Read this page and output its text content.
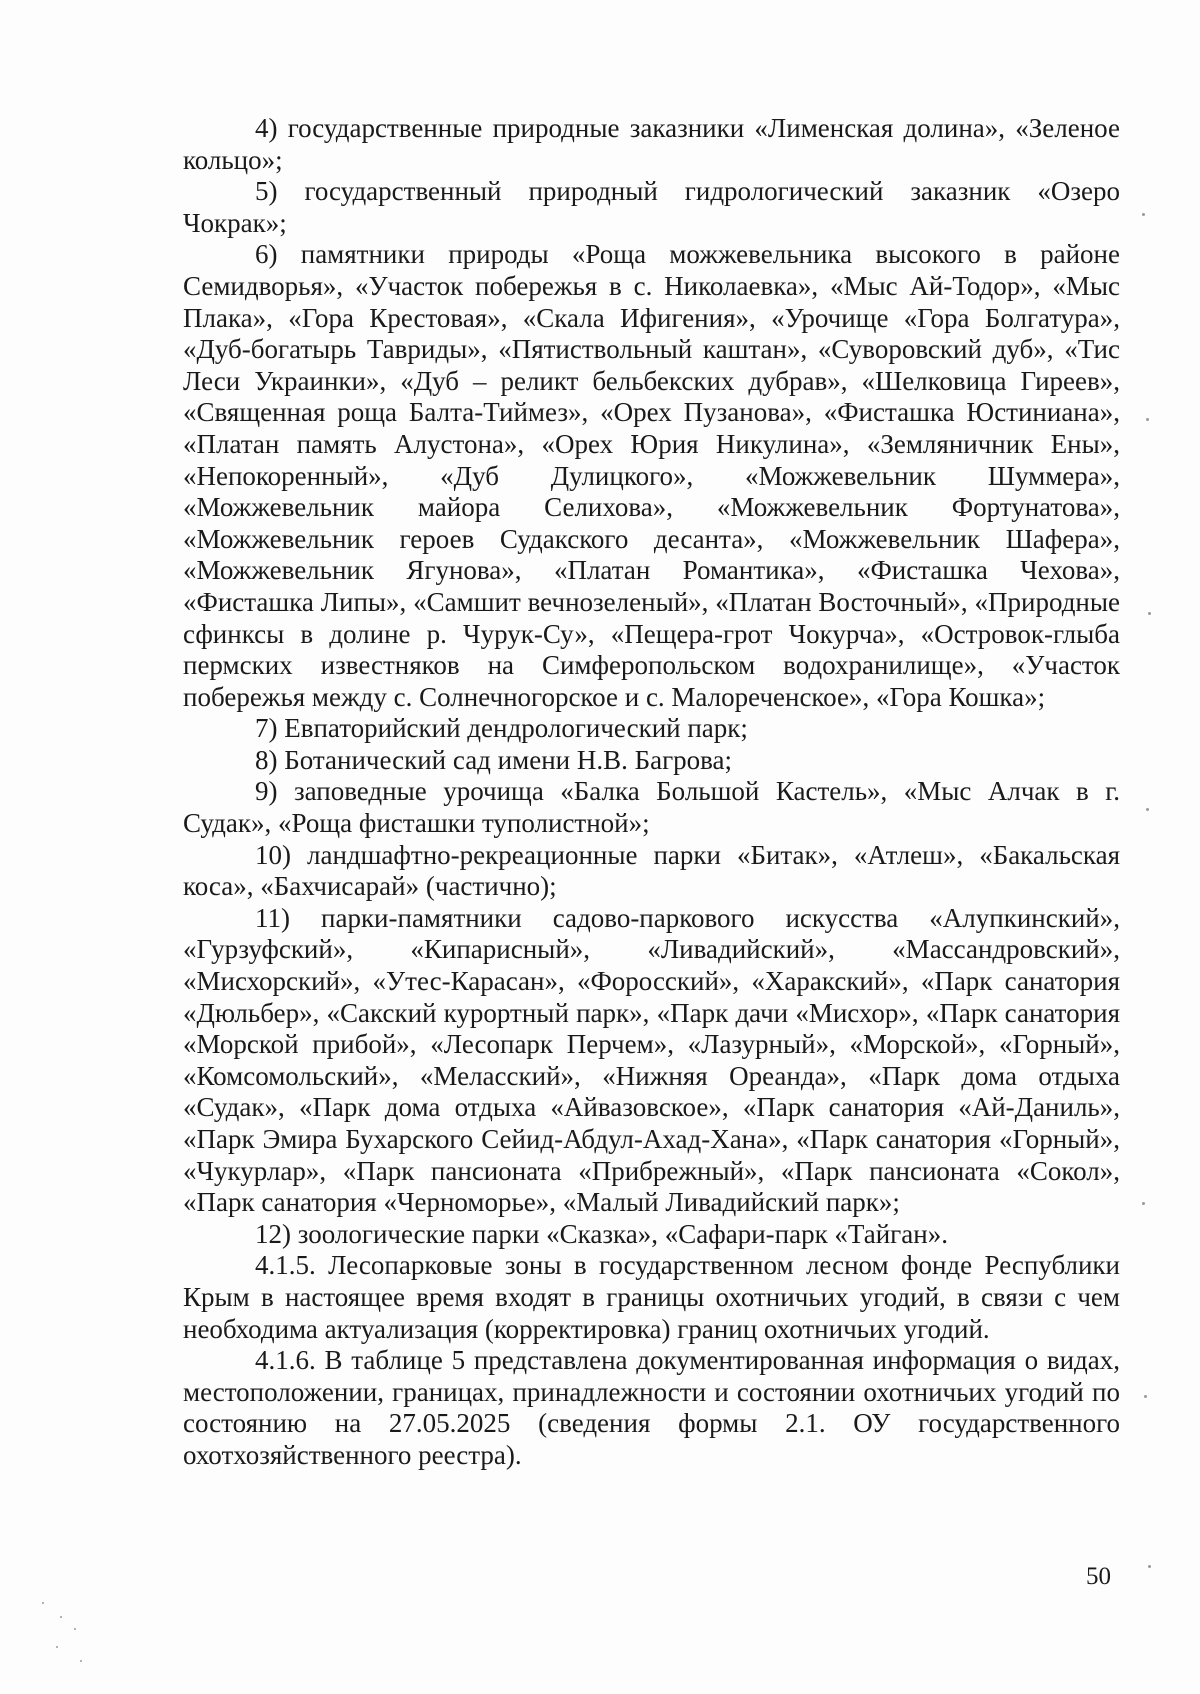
4) государственные природные заказники «Лименская долина», «Зеленое кольцо»;

5) государственный природный гидрологический заказник «Озеро Чокрак»;

6) памятники природы «Роща можжевельника высокого в районе Семидворья», «Участок побережья в с. Николаевка», «Мыс Ай-Тодор», «Мыс Плака», «Гора Крестовая», «Скала Ифигения», «Урочище «Гора Болгатура», «Дуб-богатырь Тавриды», «Пятиствольный каштан», «Суворовский дуб», «Тис Леси Украинки», «Дуб – реликт бельбекских дубрав», «Шелковица Гиреев», «Священная роща Балта-Тиймез», «Орех Пузанова», «Фисташка Юстиниана», «Платан память Алустона», «Орех Юрия Никулина», «Земляничник Ены», «Непокоренный», «Дуб Дулицкого», «Можжевельник Шуммера», «Можжевельник майора Селихова», «Можжевельник Фортунатова», «Можжевельник героев Судакского десанта», «Можжевельник Шафера», «Можжевельник Ягунова», «Платан Романтика», «Фисташка Чехова», «Фисташка Липы», «Самшит вечнозеленый», «Платан Восточный», «Природные сфинксы в долине р. Чурук-Су», «Пещера-грот Чокурча», «Островок-глыба пермских известняков на Симферопольском водохранилище», «Участок побережья между с. Солнечногорское и с. Малореченское», «Гора Кошка»;

7) Евпаторийский дендрологический парк;

8) Ботанический сад имени Н.В. Багрова;

9) заповедные урочища «Балка Большой Кастель», «Мыс Алчак в г. Судак», «Роща фисташки туполистной»;

10) ландшафтно-рекреационные парки «Битак», «Атлеш», «Бакальская коса», «Бахчисарай» (частично);

11) парки-памятники садово-паркового искусства «Алупкинский», «Гурзуфский», «Кипарисный», «Ливадийский», «Массандровский», «Мисхорский», «Утес-Карасан», «Форосский», «Харакский», «Парк санатория «Дюльбер», «Сакский курортный парк», «Парк дачи «Мисхор», «Парк санатория «Морской прибой», «Лесопарк Перчем», «Лазурный», «Морской», «Горный», «Комсомольский», «Меласский», «Нижняя Ореанда», «Парк дома отдыха «Судак», «Парк дома отдыха «Айвазовское», «Парк санатория «Ай-Даниль», «Парк Эмира Бухарского Сейид-Абдул-Ахад-Хана», «Парк санатория «Горный», «Чукурлар», «Парк пансионата «Прибрежный», «Парк пансионата «Сокол», «Парк санатория «Черноморье», «Малый Ливадийский парк»;

12) зоологические парки «Сказка», «Сафари-парк «Тайган».

4.1.5. Лесопарковые зоны в государственном лесном фонде Республики Крым в настоящее время входят в границы охотничьих угодий, в связи с чем необходима актуализация (корректировка) границ охотничьих угодий.

4.1.6. В таблице 5 представлена документированная информация о видах, местоположении, границах, принадлежности и состоянии охотничьих угодий по состоянию на 27.05.2025 (сведения формы 2.1. ОУ государственного охотхозяйственного реестра).

50
